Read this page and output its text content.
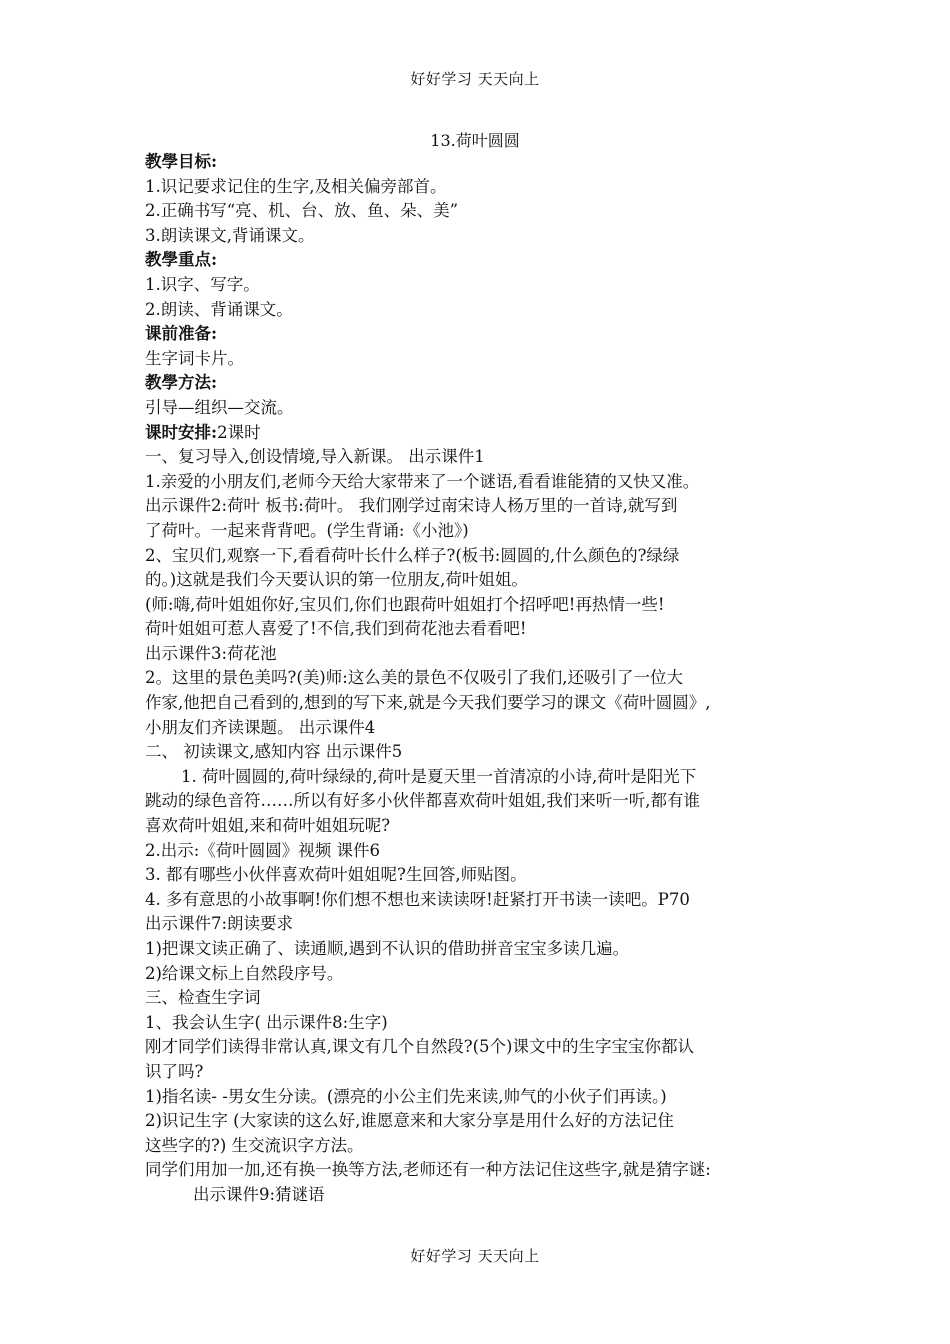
好好学习 天天向上
13.荷叶圆圆
教學目标:
1.识记要求记住的生字,及相关偏旁部首。
2.正确书写“亮、机、台、放、鱼、朵、美”
3.朗读课文,背诵课文。
教學重点:
1.识字、写字。
2.朗读、背诵课文。
课前准备:
生字词卡片。
教學方法:
引导—组织—交流。
课时安排:2课时
一、复习导入,创设情境,导入新课。 出示课件1
1.亲爱的小朋友们,老师今天给大家带来了一个谜语,看看谁能猜的又快又准。
出示课件2:荷叶 板书:荷叶。 我们刚学过南宋诗人杨万里的一首诗,就写到
了荷叶。一起来背背吧。(学生背诵:《小池》)
2、宝贝们,观察一下,看看荷叶长什么样子?(板书:圆圆的,什么颜色的?绿绿
的。)这就是我们今天要认识的第一位朋友,荷叶姐姐。
(师:嗨,荷叶姐姐你好,宝贝们,你们也跟荷叶姐姐打个招呼吧!再热情一些!
荷叶姐姐可惹人喜爱了!不信,我们到荷花池去看看吧!
出示课件3:荷花池
2。这里的景色美吗?(美)师:这么美的景色不仅吸引了我们,还吸引了一位大
作家,他把自己看到的,想到的写下来,就是今天我们要学习的课文《荷叶圆圆》,
小朋友们齐读课题。 出示课件4
二、 初读课文,感知内容 出示课件5
1. 荷叶圆圆的,荷叶绿绿的,荷叶是夏天里一首清凉的小诗,荷叶是阳光下
跳动的绿色音符……所以有好多小伙伴都喜欢荷叶姐姐,我们来听一听,都有谁
喜欢荷叶姐姐,来和荷叶姐姐玩呢?
2.出示:《荷叶圆圆》视频 课件6
3. 都有哪些小伙伴喜欢荷叶姐姐呢?生回答,师贴图。
4. 多有意思的小故事啊!你们想不想也来读读呀!赶紧打开书读一读吧。P70
出示课件7:朗读要求
1)把课文读正确了、读通顺,遇到不认识的借助拼音宝宝多读几遍。
2)给课文标上自然段序号。
三、检查生字词
1、我会认生字( 出示课件8:生字)
刚才同学们读得非常认真,课文有几个自然段?(5个)课文中的生字宝宝你都认
识了吗?
1)指名读- -男女生分读。(漂亮的小公主们先来读,帅气的小伙子们再读。)
2)识记生字 (大家读的这么好,谁愿意来和大家分享是用什么好的方法记住
这些字的?) 生交流识字方法。
同学们用加一加,还有换一换等方法,老师还有一种方法记住这些字,就是猜字谜:
出示课件9:猜谜语
好好学习 天天向上
